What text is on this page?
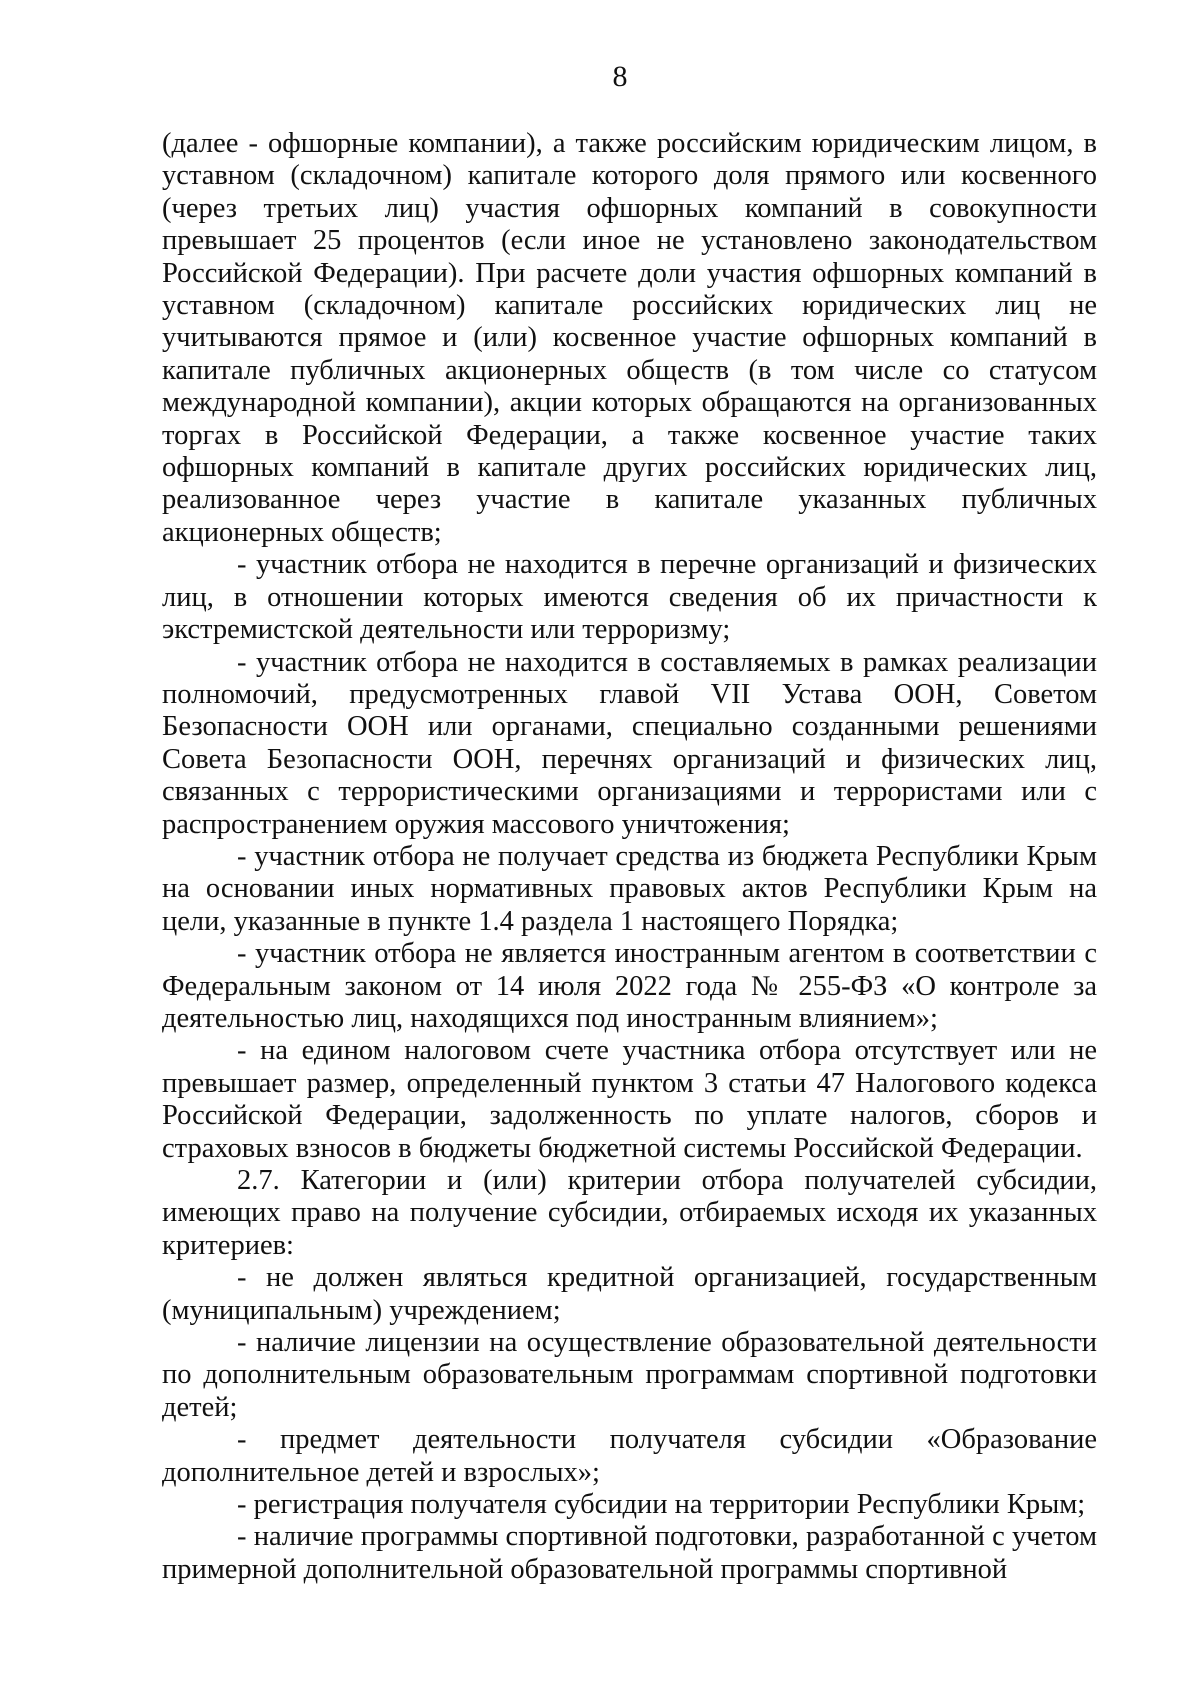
8

(далее - офшорные компании), а также российским юридическим лицом, в уставном (складочном) капитале которого доля прямого или косвенного (через третьих лиц) участия офшорных компаний в совокупности превышает 25 процентов (если иное не установлено законодательством Российской Федерации). При расчете доли участия офшорных компаний в уставном (складочном) капитале российских юридических лиц не учитываются прямое и (или) косвенное участие офшорных компаний в капитале публичных акционерных обществ (в том числе со статусом международной компании), акции которых обращаются на организованных торгах в Российской Федерации, а также косвенное участие таких офшорных компаний в капитале других российских юридических лиц, реализованное через участие в капитале указанных публичных акционерных обществ;

- участник отбора не находится в перечне организаций и физических лиц, в отношении которых имеются сведения об их причастности к экстремистской деятельности или терроризму;

- участник отбора не находится в составляемых в рамках реализации полномочий, предусмотренных главой VII Устава ООН, Советом Безопасности ООН или органами, специально созданными решениями Совета Безопасности ООН, перечнях организаций и физических лиц, связанных с террористическими организациями и террористами или с распространением оружия массового уничтожения;

- участник отбора не получает средства из бюджета Республики Крым на основании иных нормативных правовых актов Республики Крым на цели, указанные в пункте 1.4 раздела 1 настоящего Порядка;

- участник отбора не является иностранным агентом в соответствии с Федеральным законом от 14 июля 2022 года № 255-ФЗ «О контроле за деятельностью лиц, находящихся под иностранным влиянием»;

- на едином налоговом счете участника отбора отсутствует или не превышает размер, определенный пунктом 3 статьи 47 Налогового кодекса Российской Федерации, задолженность по уплате налогов, сборов и страховых взносов в бюджеты бюджетной системы Российской Федерации.

2.7. Категории и (или) критерии отбора получателей субсидии, имеющих право на получение субсидии, отбираемых исходя их указанных критериев:

- не должен являться кредитной организацией, государственным (муниципальным) учреждением;

- наличие лицензии на осуществление образовательной деятельности по дополнительным образовательным программам спортивной подготовки детей;

- предмет деятельности получателя субсидии «Образование дополнительное детей и взрослых»;

- регистрация получателя субсидии на территории Республики Крым;

- наличие программы спортивной подготовки, разработанной с учетом примерной дополнительной образовательной программы спортивной
